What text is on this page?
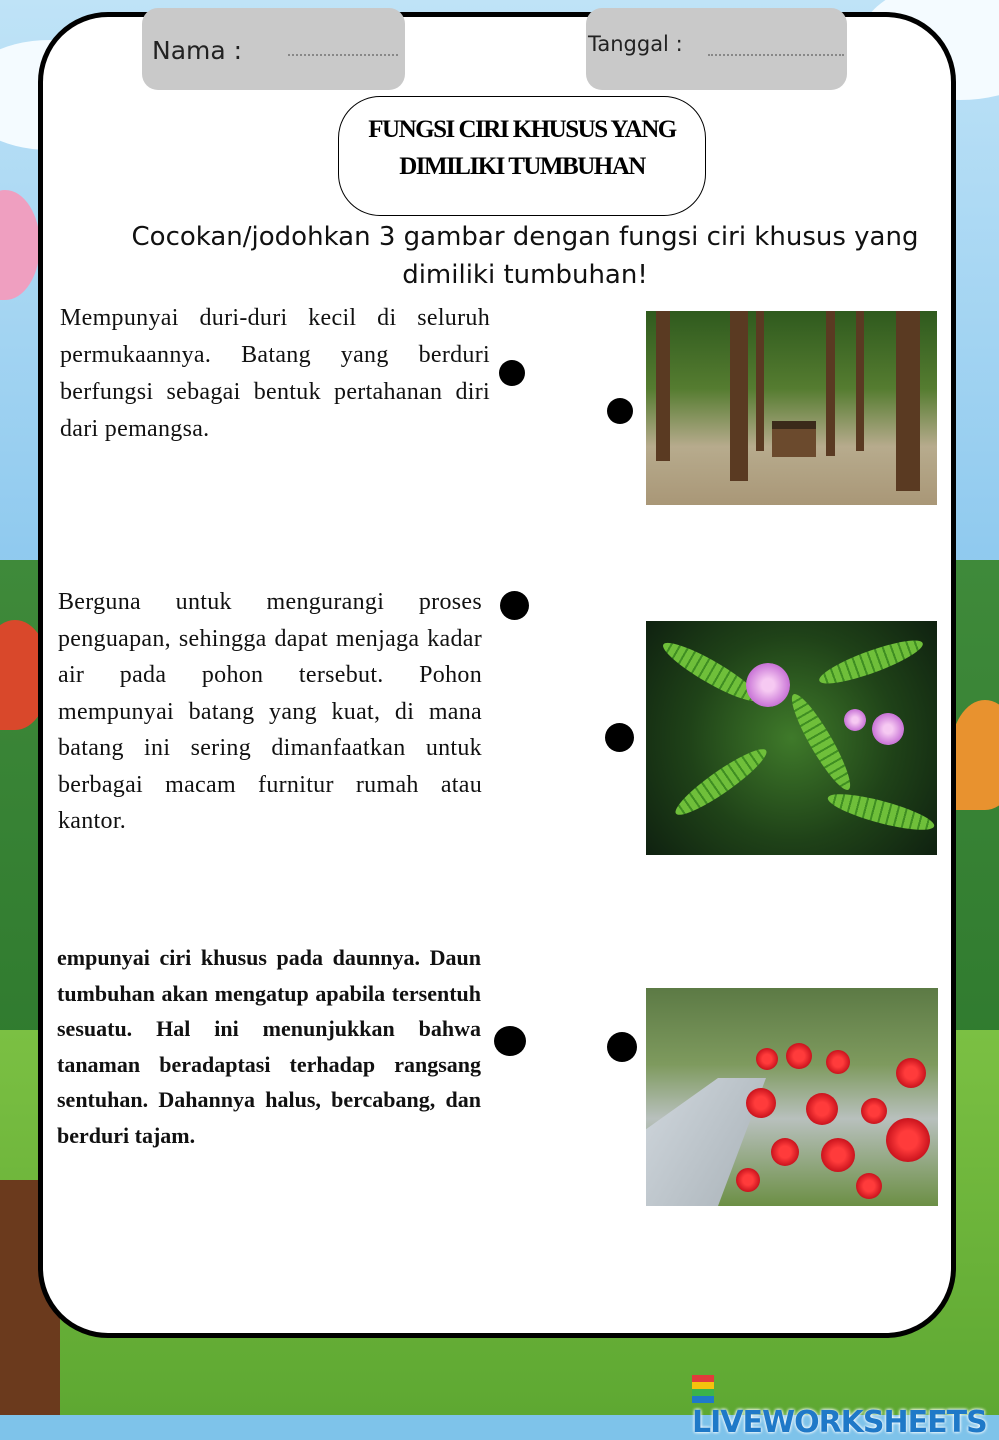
Nama :	Tanggal :
FUNGSI CIRI KHUSUS YANG
DIMILIKI TUMBUHAN
Cocokan/jodohkan 3 gambar dengan fungsi ciri khusus yang dimiliki tumbuhan!
Mempunyai duri-duri kecil di seluruh permukaannya. Batang yang berduri berfungsi sebagai bentuk pertahanan diri dari pemangsa.
Berguna untuk mengurangi proses penguapan, sehingga dapat menjaga kadar air pada pohon tersebut. Pohon mempunyai batang yang kuat, di mana batang ini sering dimanfaatkan untuk berbagai macam furnitur rumah atau kantor.
empunyai ciri khusus pada daunnya. Daun tumbuhan akan mengatup apabila tersentuh sesuatu. Hal ini menunjukkan bahwa tanaman beradaptasi terhadap rangsang sentuhan. Dahannya halus, bercabang, dan berduri tajam.
LIVEWORKSHEETS
